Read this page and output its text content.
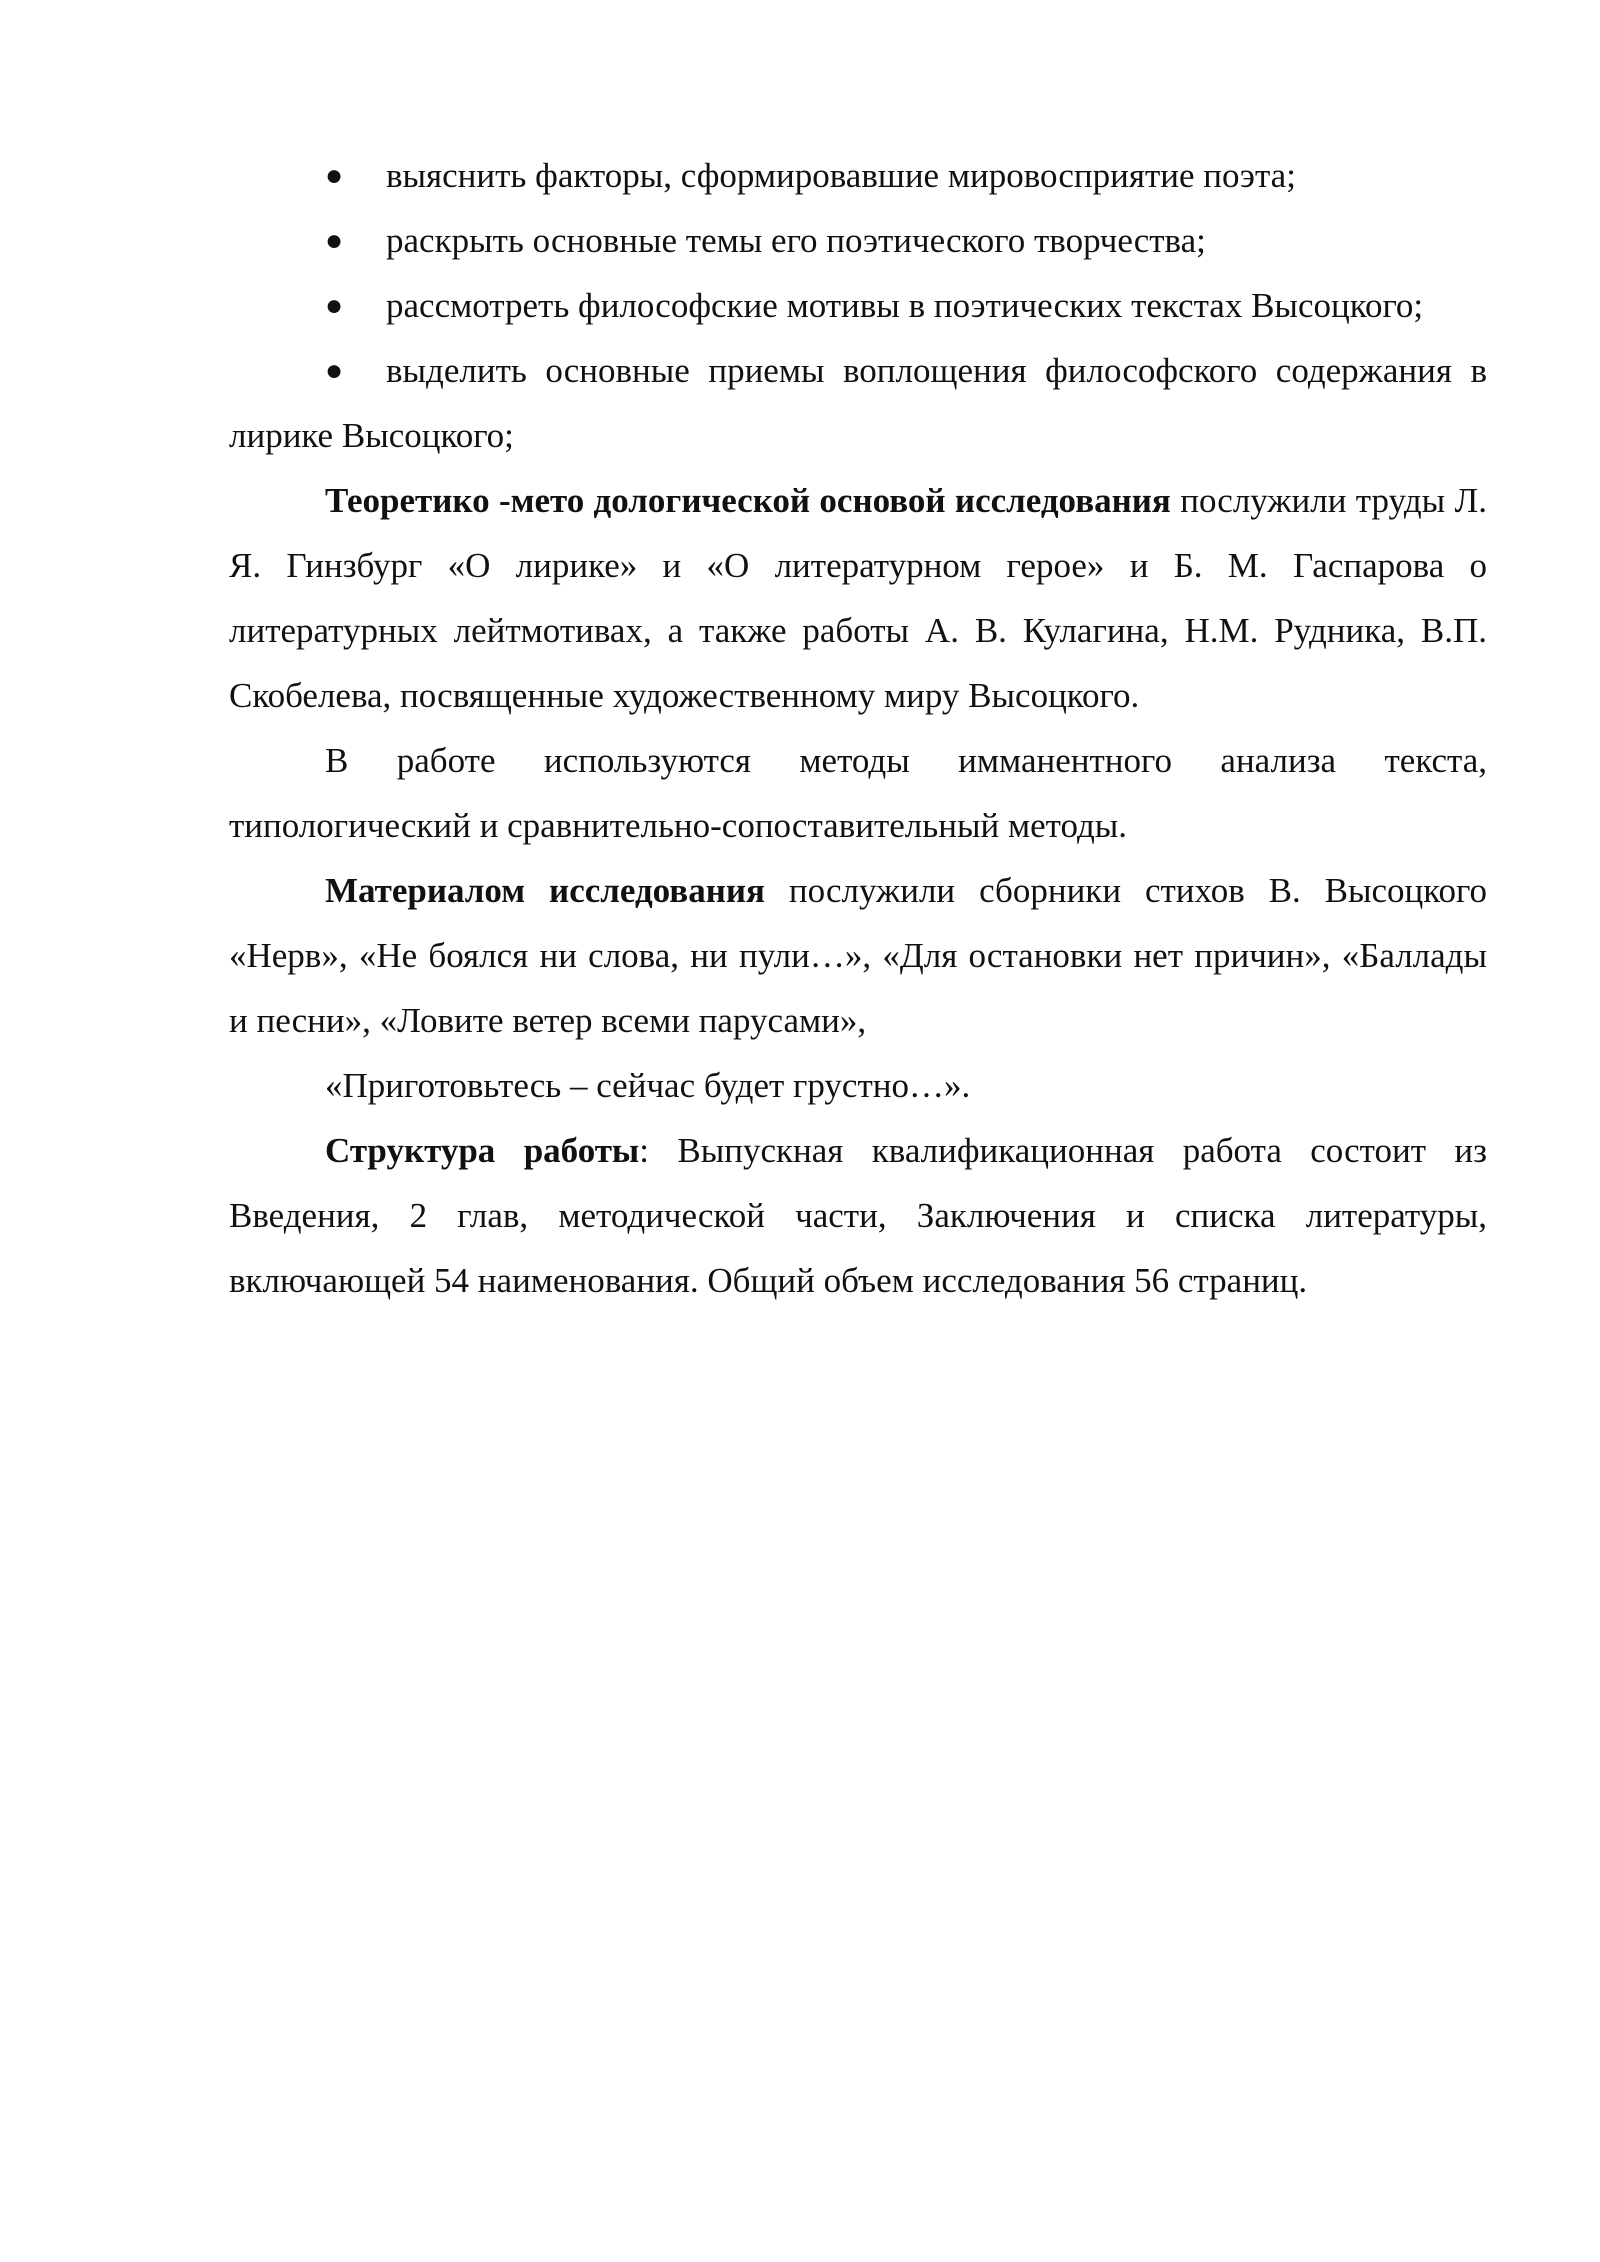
● выяснить факторы, сформировавшие мировосприятие поэта;

● раскрыть основные темы его поэтического творчества;

● рассмотреть философские мотивы в поэтических текстах Высоцкого;

● выделить основные приемы воплощения философского содержания в лирике Высоцкого;

Теоретико -мето дологической основой исследования послужили труды Л. Я. Гинзбург «О лирике» и «О литературном герое» и Б. М. Гаспарова о литературных лейтмотивах, а также работы А. В. Кулагина, Н.М. Рудника, В.П. Скобелева, посвященные художественному миру Высоцкого.

В работе используются методы имманентного анализа текста, типологический и сравнительно-сопоставительный методы.

Материалом исследования послужили сборники стихов В. Высоцкого «Нерв», «Не боялся ни слова, ни пули…», «Для остановки нет причин», «Баллады и песни», «Ловите ветер всеми парусами»,

«Приготовьтесь – сейчас будет грустно…».

Структура работы: Выпускная квалификационная работа состоит из Введения, 2 глав, методической части, Заключения и списка литературы, включающей 54 наименования. Общий объем исследования 56 страниц.
